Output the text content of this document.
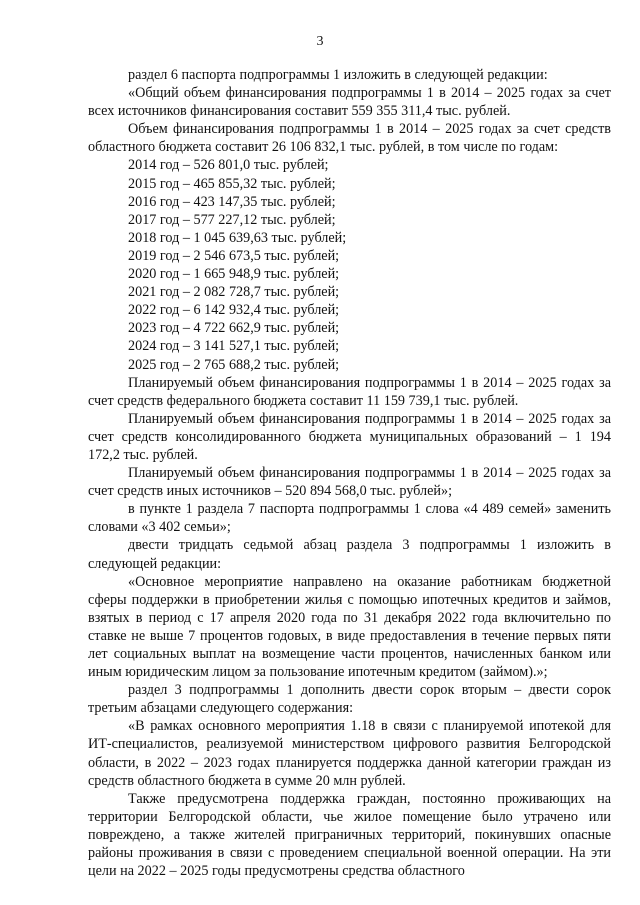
3

раздел 6 паспорта подпрограммы 1 изложить в следующей редакции:

«Общий объем финансирования подпрограммы 1 в 2014 – 2025 годах за счет всех источников финансирования составит 559 355 311,4 тыс. рублей.

Объем финансирования подпрограммы 1 в 2014 – 2025 годах за счет средств областного бюджета составит 26 106 832,1 тыс. рублей, в том числе по годам:

2014 год – 526 801,0 тыс. рублей;

2015 год – 465 855,32 тыс. рублей;

2016 год – 423 147,35 тыс. рублей;

2017 год – 577 227,12 тыс. рублей;

2018 год – 1 045 639,63 тыс. рублей;

2019 год – 2 546 673,5 тыс. рублей;

2020 год – 1 665 948,9 тыс. рублей;

2021 год – 2 082 728,7 тыс. рублей;

2022 год – 6 142 932,4 тыс. рублей;

2023 год – 4 722 662,9 тыс. рублей;

2024 год – 3 141 527,1 тыс. рублей;

2025 год – 2 765 688,2 тыс. рублей;

Планируемый объем финансирования подпрограммы 1 в 2014 – 2025 годах за счет средств федерального бюджета составит 11 159 739,1 тыс. рублей.

Планируемый объем финансирования подпрограммы 1 в 2014 – 2025 годах за счет средств консолидированного бюджета муниципальных образований – 1 194 172,2 тыс. рублей.

Планируемый объем финансирования подпрограммы 1 в 2014 – 2025 годах за счет средств иных источников – 520 894 568,0 тыс. рублей»;

в пункте 1 раздела 7 паспорта подпрограммы 1 слова «4 489 семей» заменить словами «3 402 семьи»;

двести тридцать седьмой абзац раздела 3 подпрограммы 1 изложить в следующей редакции:

«Основное мероприятие направлено на оказание работникам бюджетной сферы поддержки в приобретении жилья с помощью ипотечных кредитов и займов, взятых в период с 17 апреля 2020 года по 31 декабря 2022 года включительно по ставке не выше 7 процентов годовых, в виде предоставления в течение первых пяти лет социальных выплат на возмещение части процентов, начисленных банком или иным юридическим лицом за пользование ипотечным кредитом (займом).»;

раздел 3 подпрограммы 1 дополнить двести сорок вторым – двести сорок третьим абзацами следующего содержания:

«В рамках основного мероприятия 1.18 в связи с планируемой ипотекой для ИТ-специалистов, реализуемой министерством цифрового развития Белгородской области, в 2022 – 2023 годах планируется поддержка данной категории граждан из средств областного бюджета в сумме 20 млн рублей.

Также предусмотрена поддержка граждан, постоянно проживающих на территории Белгородской области, чье жилое помещение было утрачено или повреждено, а также жителей приграничных территорий, покинувших опасные районы проживания в связи с проведением специальной военной операции. На эти цели на 2022 – 2025 годы предусмотрены средства областного
